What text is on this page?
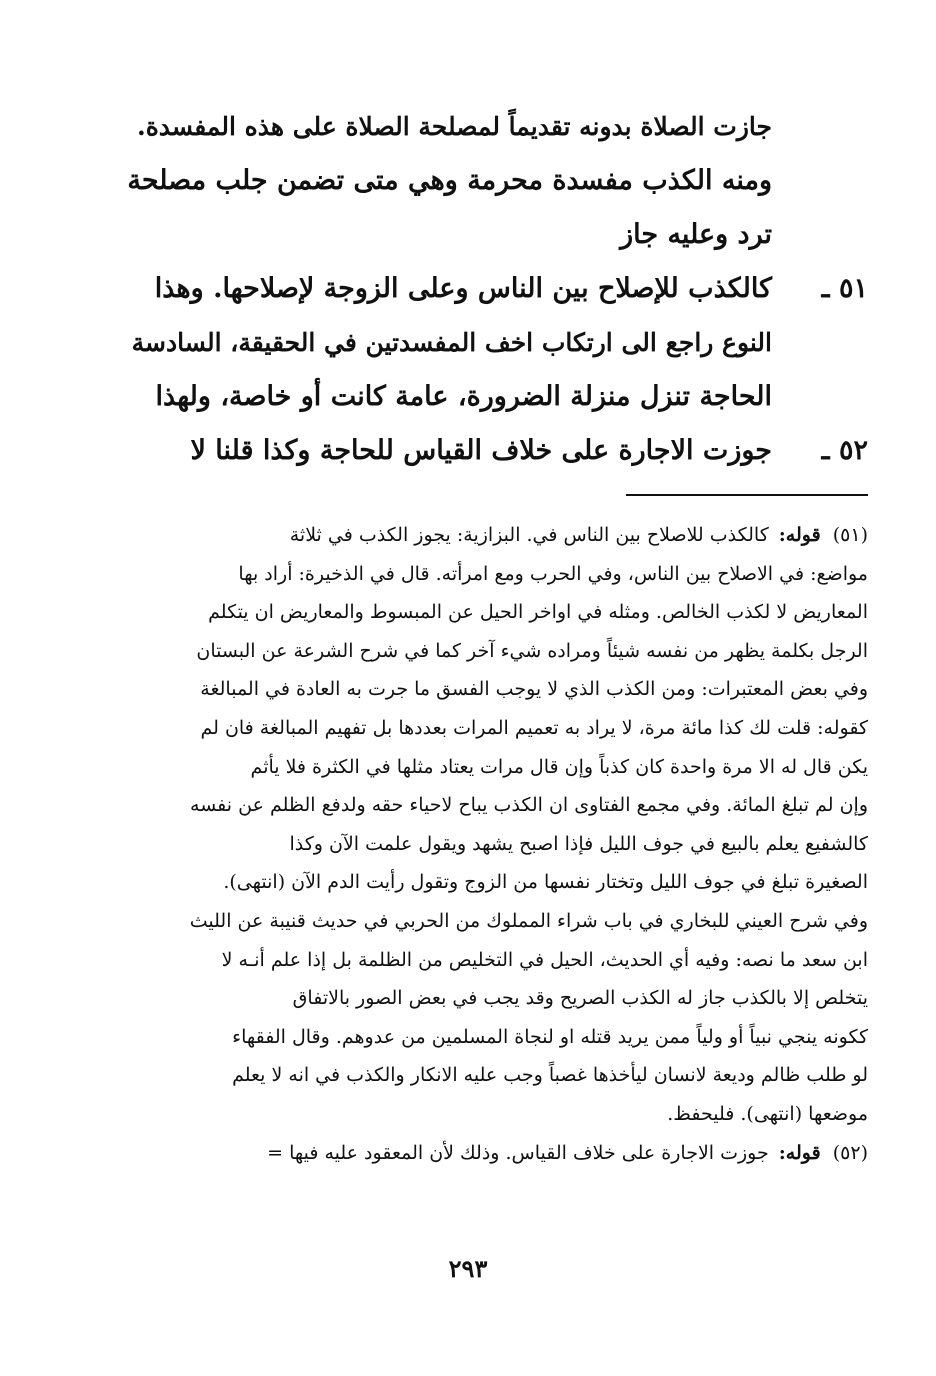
جازت الصلاة بدونه تقديماً لمصلحة الصلاة على هذه المفسدة.
ومنه الكذب مفسدة محرمة وهي متى تضمن جلب مصلحة
ترد وعليه جاز
٥١ ـ
كالكذب للإصلاح بين الناس وعلى الزوجة لإصلاحها. وهذا
النوع راجع الى ارتكاب اخف المفسدتين في الحقيقة، السادسة
الحاجة تنزل منزلة الضرورة، عامة كانت أو خاصة، ولهذا
٥٢ ـ
جوزت الاجارة على خلاف القياس للحاجة وكذا قلنا لا
(٥١) قوله: كالكذب للاصلاح بين الناس في. البزازية: يجوز الكذب في ثلاثة
مواضع: في الاصلاح بين الناس، وفي الحرب ومع امرأته. قال في الذخيرة: أراد بها
المعاريض لا لكذب الخالص. ومثله في اواخر الحيل عن المبسوط والمعاريض ان يتكلم
الرجل بكلمة يظهر من نفسه شيئاً ومراده شيء آخر كما في شرح الشرعة عن البستان
وفي بعض المعتبرات: ومن الكذب الذي لا يوجب الفسق ما جرت به العادة في المبالغة
كقوله: قلت لك كذا مائة مرة، لا يراد به تعميم المرات بعددها بل تفهيم المبالغة فان لم
يكن قال له الا مرة واحدة كان كذباً وإن قال مرات يعتاد مثلها في الكثرة فلا يأثم
وإن لم تبلغ المائة. وفي مجمع الفتاوى ان الكذب يباح لاحياء حقه ولدفع الظلم عن نفسه
كالشفيع يعلم بالبيع في جوف الليل فإذا اصبح يشهد ويقول علمت الآن وكذا
الصغيرة تبلغ في جوف الليل وتختار نفسها من الزوج وتقول رأيت الدم الآن (انتهى).
وفي شرح العيني للبخاري في باب شراء المملوك من الحربي في حديث قنيبة عن الليث
ابن سعد ما نصه: وفيه أي الحديث، الحيل في التخليص من الظلمة بل إذا علم أنـه لا
يتخلص إلا بالكذب جاز له الكذب الصريح وقد يجب في بعض الصور بالاتفاق
ككونه ينجي نبياً أو ولياً ممن يريد قتله او لنجاة المسلمين من عدوهم. وقال الفقهاء
لو طلب ظالم وديعة لانسان ليأخذها غصباً وجب عليه الانكار والكذب في انه لا يعلم
موضعها (انتهى). فليحفظ.
(٥٢) قوله: جوزت الاجارة على خلاف القياس. وذلك لأن المعقود عليه فيها =
٢٩٣
